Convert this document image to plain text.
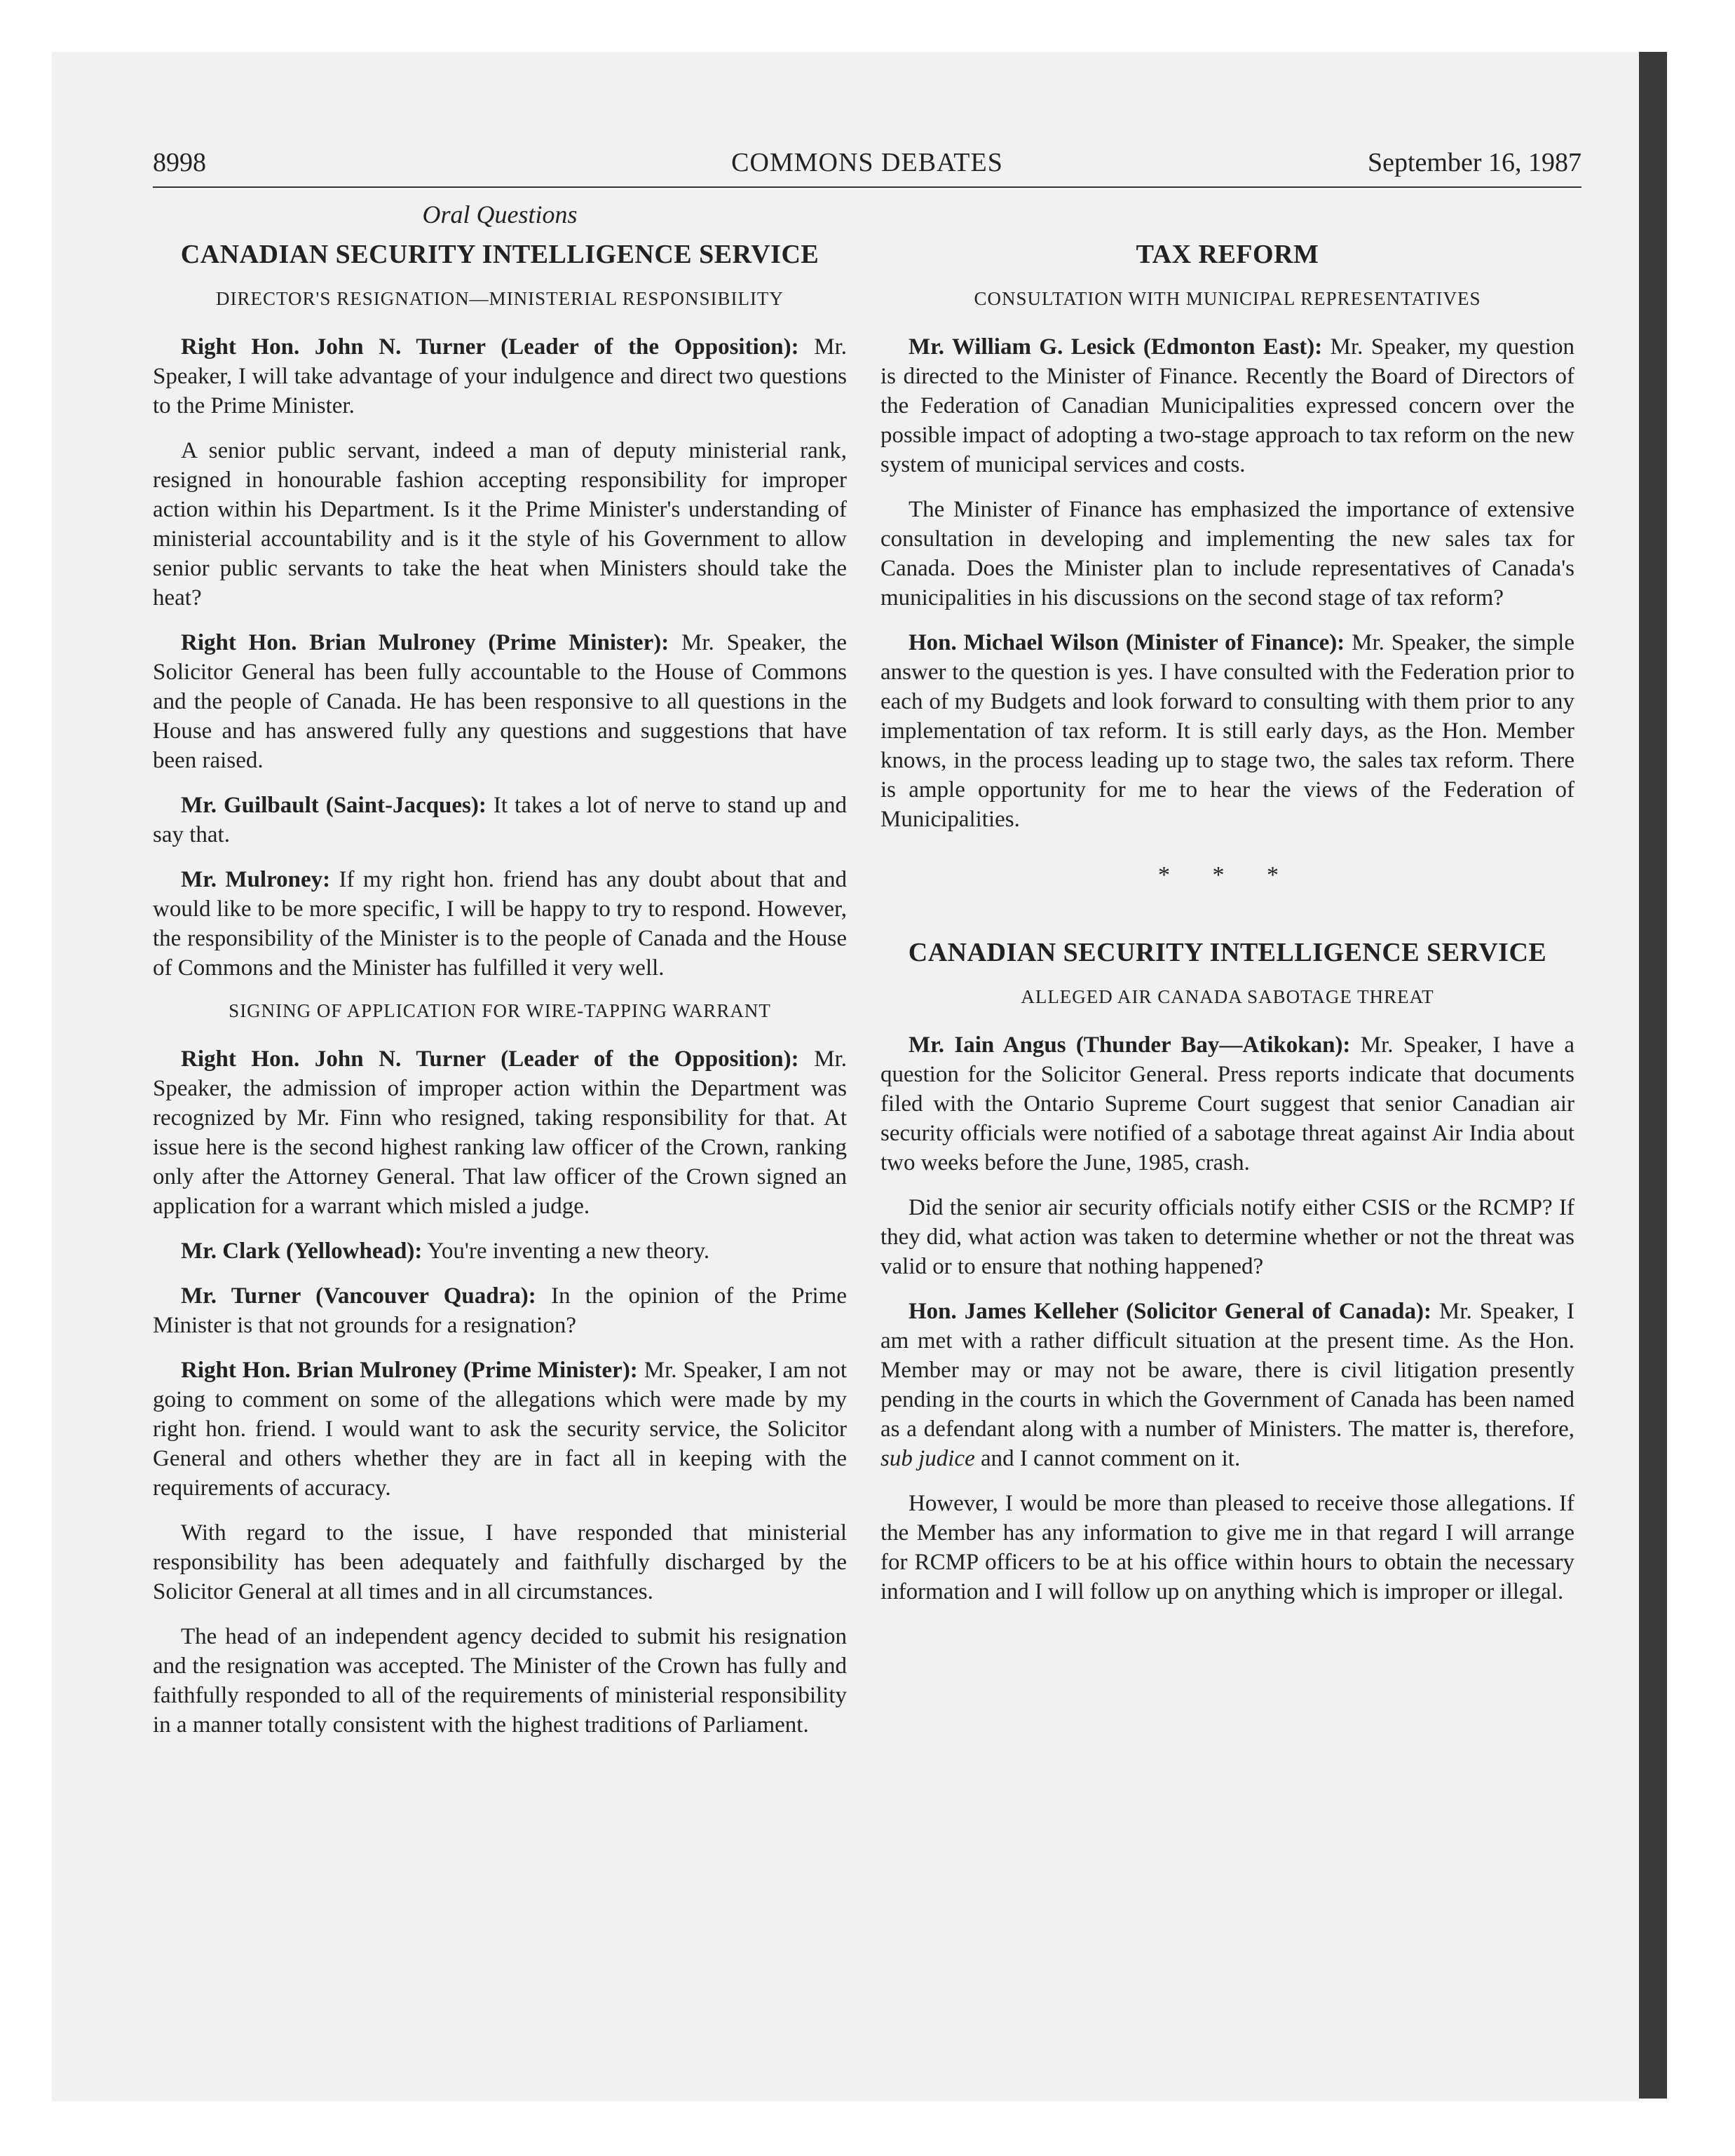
8998	COMMONS DEBATES	September 16, 1987
Oral Questions
CANADIAN SECURITY INTELLIGENCE SERVICE
DIRECTOR'S RESIGNATION—MINISTERIAL RESPONSIBILITY

Right Hon. John N. Turner (Leader of the Opposition): Mr. Speaker, I will take advantage of your indulgence and direct two questions to the Prime Minister.

A senior public servant, indeed a man of deputy ministerial rank, resigned in honourable fashion accepting responsibility for improper action within his Department. Is it the Prime Minister's understanding of ministerial accountability and is it the style of his Government to allow senior public servants to take the heat when Ministers should take the heat?

Right Hon. Brian Mulroney (Prime Minister): Mr. Speaker, the Solicitor General has been fully accountable to the House of Commons and the people of Canada. He has been responsive to all questions in the House and has answered fully any questions and suggestions that have been raised.

Mr. Guilbault (Saint-Jacques): It takes a lot of nerve to stand up and say that.

Mr. Mulroney: If my right hon. friend has any doubt about that and would like to be more specific, I will be happy to try to respond. However, the responsibility of the Minister is to the people of Canada and the House of Commons and the Minister has fulfilled it very well.

SIGNING OF APPLICATION FOR WIRE-TAPPING WARRANT

Right Hon. John N. Turner (Leader of the Opposition): Mr. Speaker, the admission of improper action within the Department was recognized by Mr. Finn who resigned, taking responsibility for that. At issue here is the second highest ranking law officer of the Crown, ranking only after the Attorney General. That law officer of the Crown signed an application for a warrant which misled a judge.

Mr. Clark (Yellowhead): You're inventing a new theory.

Mr. Turner (Vancouver Quadra): In the opinion of the Prime Minister is that not grounds for a resignation?

Right Hon. Brian Mulroney (Prime Minister): Mr. Speaker, I am not going to comment on some of the allegations which were made by my right hon. friend. I would want to ask the security service, the Solicitor General and others whether they are in fact all in keeping with the requirements of accuracy.

With regard to the issue, I have responded that ministerial responsibility has been adequately and faithfully discharged by the Solicitor General at all times and in all circumstances.

The head of an independent agency decided to submit his resignation and the resignation was accepted. The Minister of the Crown has fully and faithfully responded to all of the requirements of ministerial responsibility in a manner totally consistent with the highest traditions of Parliament.

TAX REFORM
CONSULTATION WITH MUNICIPAL REPRESENTATIVES

Mr. William G. Lesick (Edmonton East): Mr. Speaker, my question is directed to the Minister of Finance. Recently the Board of Directors of the Federation of Canadian Municipalities expressed concern over the possible impact of adopting a two-stage approach to tax reform on the new system of municipal services and costs.

The Minister of Finance has emphasized the importance of extensive consultation in developing and implementing the new sales tax for Canada. Does the Minister plan to include representatives of Canada's municipalities in his discussions on the second stage of tax reform?

Hon. Michael Wilson (Minister of Finance): Mr. Speaker, the simple answer to the question is yes. I have consulted with the Federation prior to each of my Budgets and look forward to consulting with them prior to any implementation of tax reform. It is still early days, as the Hon. Member knows, in the process leading up to stage two, the sales tax reform. There is ample opportunity for me to hear the views of the Federation of Municipalities.

* * *
CANADIAN SECURITY INTELLIGENCE SERVICE
ALLEGED AIR CANADA SABOTAGE THREAT

Mr. Iain Angus (Thunder Bay—Atikokan): Mr. Speaker, I have a question for the Solicitor General. Press reports indicate that documents filed with the Ontario Supreme Court suggest that senior Canadian air security officials were notified of a sabotage threat against Air India about two weeks before the June, 1985, crash.

Did the senior air security officials notify either CSIS or the RCMP? If they did, what action was taken to determine whether or not the threat was valid or to ensure that nothing happened?

Hon. James Kelleher (Solicitor General of Canada): Mr. Speaker, I am met with a rather difficult situation at the present time. As the Hon. Member may or may not be aware, there is civil litigation presently pending in the courts in which the Government of Canada has been named as a defendant along with a number of Ministers. The matter is, therefore, sub judice and I cannot comment on it.

However, I would be more than pleased to receive those allegations. If the Member has any information to give me in that regard I will arrange for RCMP officers to be at his office within hours to obtain the necessary information and I will follow up on anything which is improper or illegal.
